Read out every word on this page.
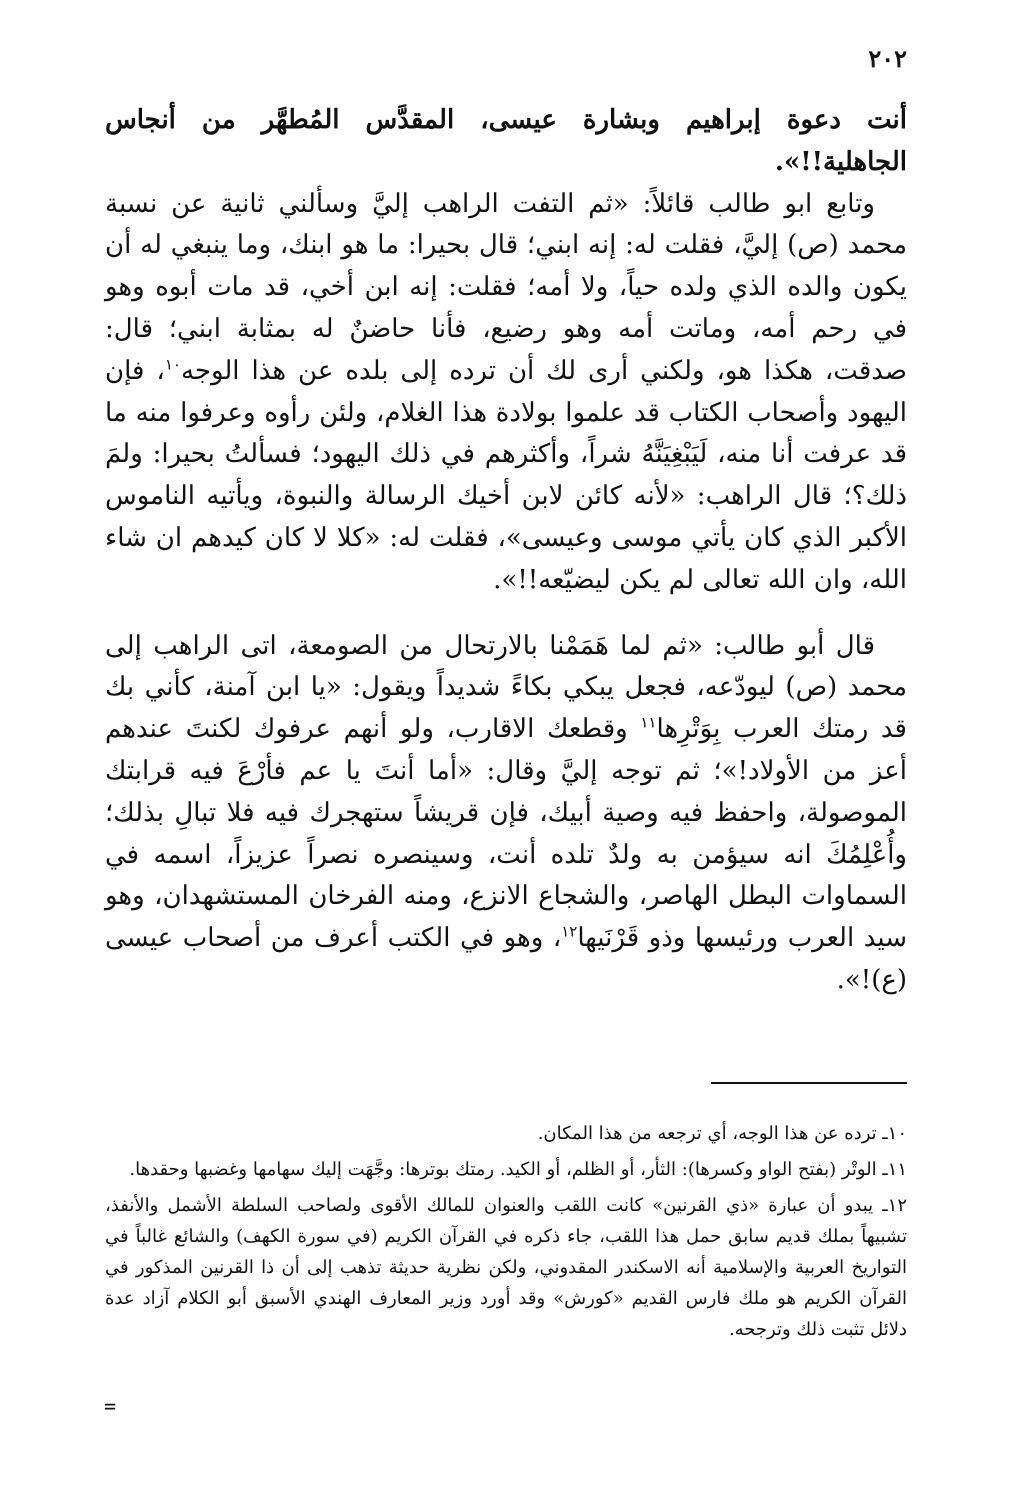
٢٠٢

أنت دعوة إبراهيم وبشارة عيسى، المقدَّس المُطهَّر من أنجاس الجاهلية!!».

وتابع ابو طالب قائلاً: «ثم التفت الراهب إليَّ وسألني ثانية عن نسبة محمد (ص) إليَّ، فقلت له: إنه ابني؛ قال بحيرا: ما هو ابنك، وما ينبغي له أن يكون والده الذي ولده حياً، ولا أمه؛ فقلت: إنه ابن أخي، قد مات أبوه وهو في رحم أمه، وماتت أمه وهو رضيع، فأنا حاضنٌ له بمثابة ابني؛ قال: صدقت، هكذا هو، ولكني أرى لك أن ترده إلى بلده عن هذا الوجه$^{١٠}$، فإن اليهود وأصحاب الكتاب قد علموا بولادة هذا الغلام، ولئن رأوه وعرفوا منه ما قد عرفت أنا منه، لَيَبْغِيَنَّهُ شراً، وأكثرهم في ذلك اليهود؛ فسألتُ بحيرا: ولمَ ذلك؟؛ قال الراهب: «لأنه كائن لابن أخيك الرسالة والنبوة، ويأتيه الناموس الأكبر الذي كان يأتي موسى وعيسى»، فقلت له: «كلا لا كان كيدهم ان شاء الله، وان الله تعالى لم يكن ليضيّعه!!».

قال أبو طالب: «ثم لما هَمَمْنا بالارتحال من الصومعة، اتى الراهب إلى محمد (ص) ليودّعه، فجعل يبكي بكاءً شديداً ويقول: «يا ابن آمنة، كأني بك قد رمتك العرب بِوَتْرِها$^{١١}$ وقطعك الاقارب، ولو أنهم عرفوك لكنتَ عندهم أعز من الأولاد!»؛ ثم توجه إليَّ وقال: «أما أنتَ يا عم فأرْعَ فيه قرابتك الموصولة، واحفظ فيه وصية أبيك، فإن قريشاً ستهجرك فيه فلا تبالِ بذلك؛ وأُعْلِمُكَ انه سيؤمن به ولدٌ تلده أنت، وسينصره نصراً عزيزاً، اسمه في السماوات البطل الهاصر، والشجاع الانزع، ومنه الفرخان المستشهدان، وهو سيد العرب ورئيسها وذو قَرْنَيها$^{١٢}$، وهو في الكتب أعرف من أصحاب عيسى (ع)!».

١٠ـ ترده عن هذا الوجه، أي ترجعه من هذا المكان.

١١ـ الوتْر (بفتح الواو وكسرها): الثأر، أو الظلم، أو الكيد. رمتك بوترها: وجَّهَت إليك سهامها وغضبها وحقدها.

١٢ـ يبدو أن عبارة «ذي القرنين» كانت اللقب والعنوان للمالك الأقوى ولصاحب السلطة الأشمل والأنفذ، تشبيهاً بملك قديم سابق حمل هذا اللقب، جاء ذكره في القرآن الكريم (في سورة الكهف) والشائع غالباً في التواريخ العربية والإسلامية أنه الاسكندر المقدوني، ولكن نظرية حديثة تذهب إلى أن ذا القرنين المذكور في القرآن الكريم هو ملك فارس القديم «كورش» وقد أورد وزير المعارف الهندي الأسبق أبو الكلام آزاد عدة دلائل تثبت ذلك وترجحه.

=
